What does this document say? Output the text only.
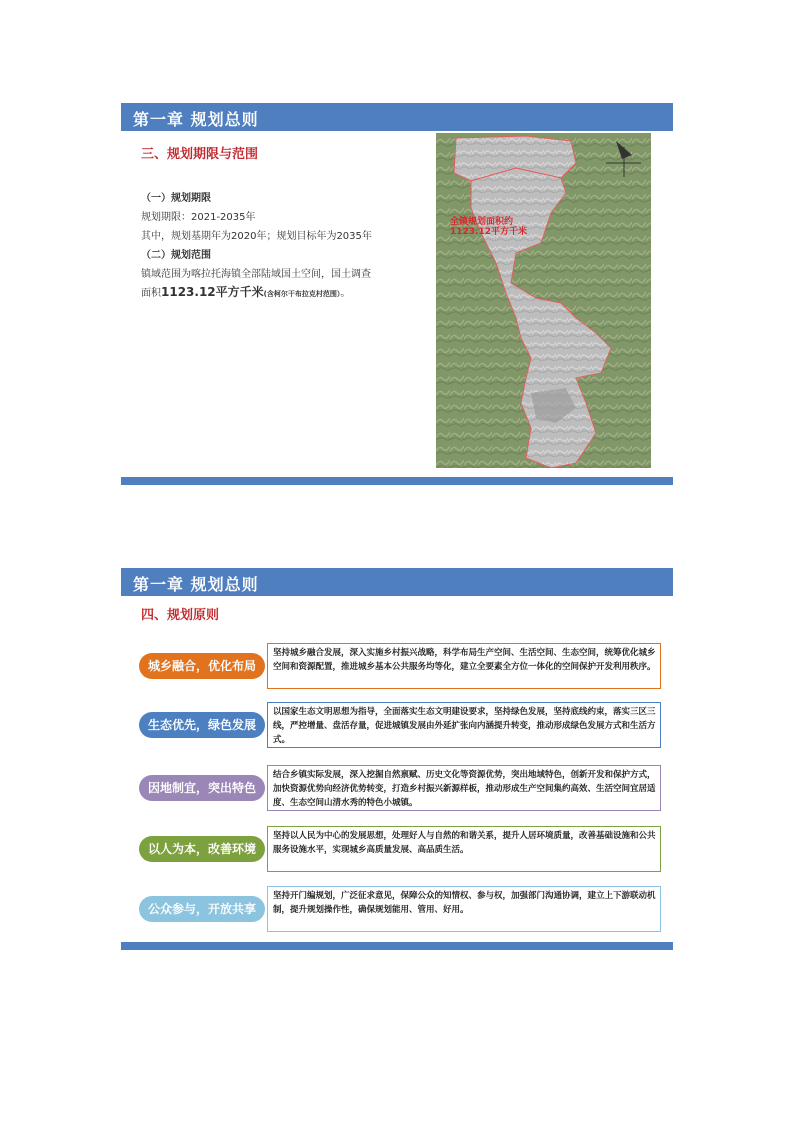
第一章 规划总则
三、规划期限与范围
（一）规划期限
规划期限：2021-2035年
其中，规划基期年为2020年；规划目标年为2035年
（二）规划范围
镇域范围为喀拉托海镇全部陆域国土空间，国土调查
面积1123.12平方千米(含柯尔干布拉克村范围）。
全镇规划面积约
1123.12平方千米
第一章 规划总则
四、规划原则
城乡融合，优化布局
坚持城乡融合发展，深入实施乡村振兴战略，科学布局生产空间、生活空间、生态空间，统筹优化城乡空间和资源配置，推进城乡基本公共服务均等化，建立全要素全方位一体化的空间保护开发利用秩序。
生态优先，绿色发展
以国家生态文明思想为指导，全面落实生态文明建设要求，坚持绿色发展，坚持底线约束，落实三区三线，严控增量、盘活存量，促进城镇发展由外延扩张向内涵提升转变，推动形成绿色发展方式和生活方式。
因地制宜，突出特色
结合乡镇实际发展，深入挖掘自然禀赋、历史文化等资源优势，突出地域特色，创新开发和保护方式，加快资源优势向经济优势转变，打造乡村振兴新源样板，推动形成生产空间集约高效、生活空间宜居适度、生态空间山清水秀的特色小城镇。
以人为本，改善环境
坚持以人民为中心的发展思想，处理好人与自然的和谐关系，提升人居环境质量，改善基础设施和公共服务设施水平，实现城乡高质量发展、高品质生活。
公众参与，开放共享
坚持开门编规划，广泛征求意见，保障公众的知情权、参与权，加强部门沟通协调，建立上下游联动机制，提升规划操作性，确保规划能用、管用、好用。
